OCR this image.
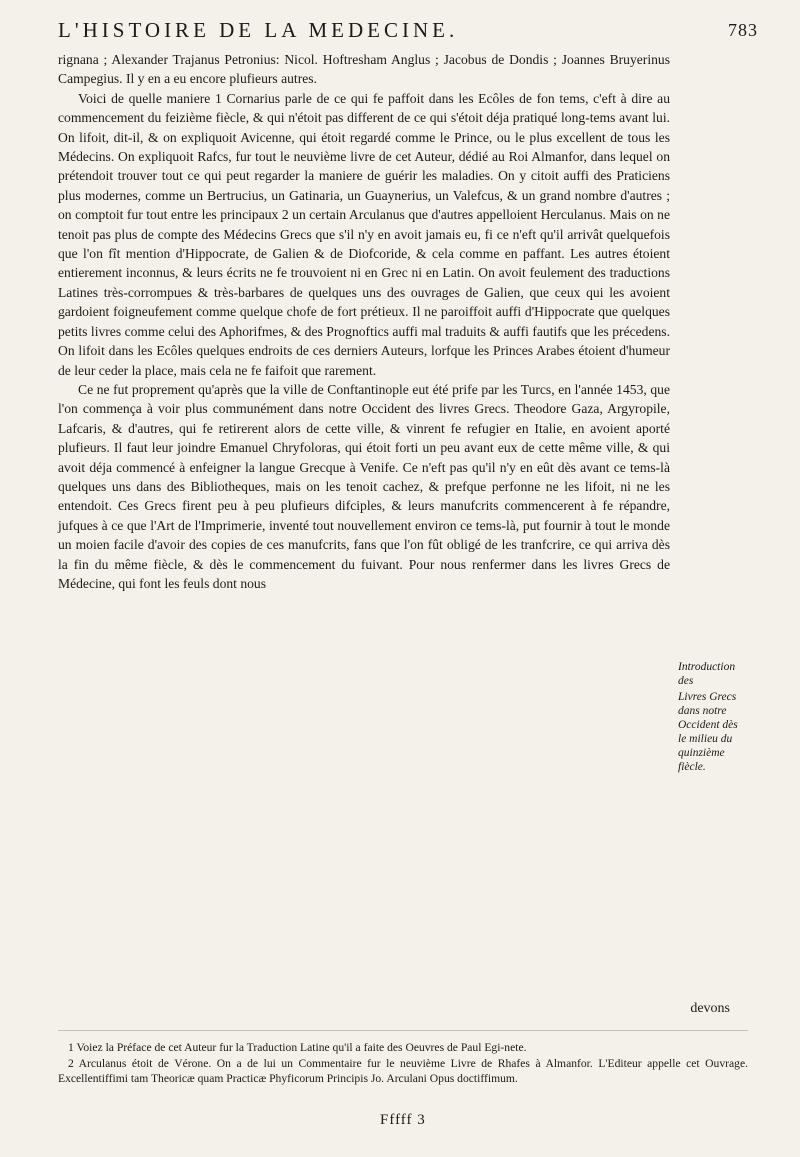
L'HISTOIRE DE LA MEDECINE.	783

rignana ; Alexander Trajanus Petronius: Nicol. Hoftresham Anglus ; Jacobus de Dondis ; Joannes Bruyerinus Campegius. Il y en a eu encore plufieurs autres.

Voici de quelle maniere 1 Cornarius parle de ce qui fe paffoit dans les Ecôles de fon tems, c'eft à dire au commencement du feizième fiècle, & qui n'étoit pas different de ce qui s'étoit déja pratiqué long-tems avant lui. On lifoit, dit-il, & on expliquoit Avicenne, qui étoit regardé comme le Prince, ou le plus excellent de tous les Médecins. On expliquoit Rafcs, fur tout le neuvième livre de cet Auteur, dédié au Roi Almanfor, dans lequel on prétendoit trouver tout ce qui peut regarder la maniere de guérir les maladies. On y citoit auffi des Praticiens plus modernes, comme un Bertrucius, un Gatinaria, un Guaynerius, un Valefcus, & un grand nombre d'autres ; on comptoit fur tout entre les principaux 2 un certain Arculanus que d'autres appelloient Herculanus. Mais on ne tenoit pas plus de compte des Médecins Grecs que s'il n'y en avoit jamais eu, fi ce n'eft qu'il arrivât quelquefois que l'on fît mention d'Hippocrate, de Galien & de Diofcoride, & cela comme en paffant. Les autres étoient entierement inconnus, & leurs écrits ne fe trouvoient ni en Grec ni en Latin. On avoit feulement des traductions Latines très-corrompues & très-barbares de quelques uns des ouvrages de Galien, que ceux qui les avoient gardoient foigneufement comme quelque chofe de fort prétieux. Il ne paroiffoit auffi d'Hippocrate que quelques petits livres comme celui des Aphorifmes, & des Prognoftics auffi mal traduits & auffi fautifs que les précedens. On lifoit dans les Ecôles quelques endroits de ces derniers Auteurs, lorfque les Princes Arabes étoient d'humeur de leur ceder la place, mais cela ne fe faifoit que rarement.

Ce ne fut proprement qu'après que la ville de Conftantinople eut été prife par les Turcs, en l'année 1453, que l'on commença à voir plus communément dans notre Occident des livres Grecs. Theodore Gaza, Argyropile, Lafcaris, & d'autres, qui fe retirerent alors de cette ville, & vinrent fe refugier en Italie, en avoient aporté plufieurs. Il faut leur joindre Emanuel Chryfoloras, qui étoit forti un peu avant eux de cette même ville, & qui avoit déja commencé à enfeigner la langue Grecque à Venife. Ce n'eft pas qu'il n'y en eût dès avant ce tems-là quelques uns dans des Bibliotheques, mais on les tenoit cachez, & prefque perfonne ne les lifoit, ni ne les entendoit. Ces Grecs firent peu à peu plufieurs difciples, & leurs manufcrits commencerent à fe répandre, jufques à ce que l'Art de l'Imprimerie, inventé tout nouvellement environ ce tems-là, put fournir à tout le monde un moien facile d'avoir des copies de ces manufcrits, fans que l'on fût obligé de les tranfcrire, ce qui arriva dès la fin du même fiècle, & dès le commencement du fuivant. Pour nous renfermer dans les livres Grecs de Médecine, qui font les feuls dont nous

Introduction des
Livres Grecs dans notre Occident dès le milieu du quinzième fiècle.
devons

1 Voiez la Préface de cet Auteur fur la Traduction Latine qu'il a faite des Oeuvres de Paul Egi-nete.

2 Arculanus étoit de Vérone. On a de lui un Commentaire fur le neuvième Livre de Rhafes à Almanfor. L'Editeur appelle cet Ouvrage. Excellentiffimi tam Theoricæ quam Practicæ Phyficorum Principis Jo. Arculani Opus doctiffimum.

Fffff 3
